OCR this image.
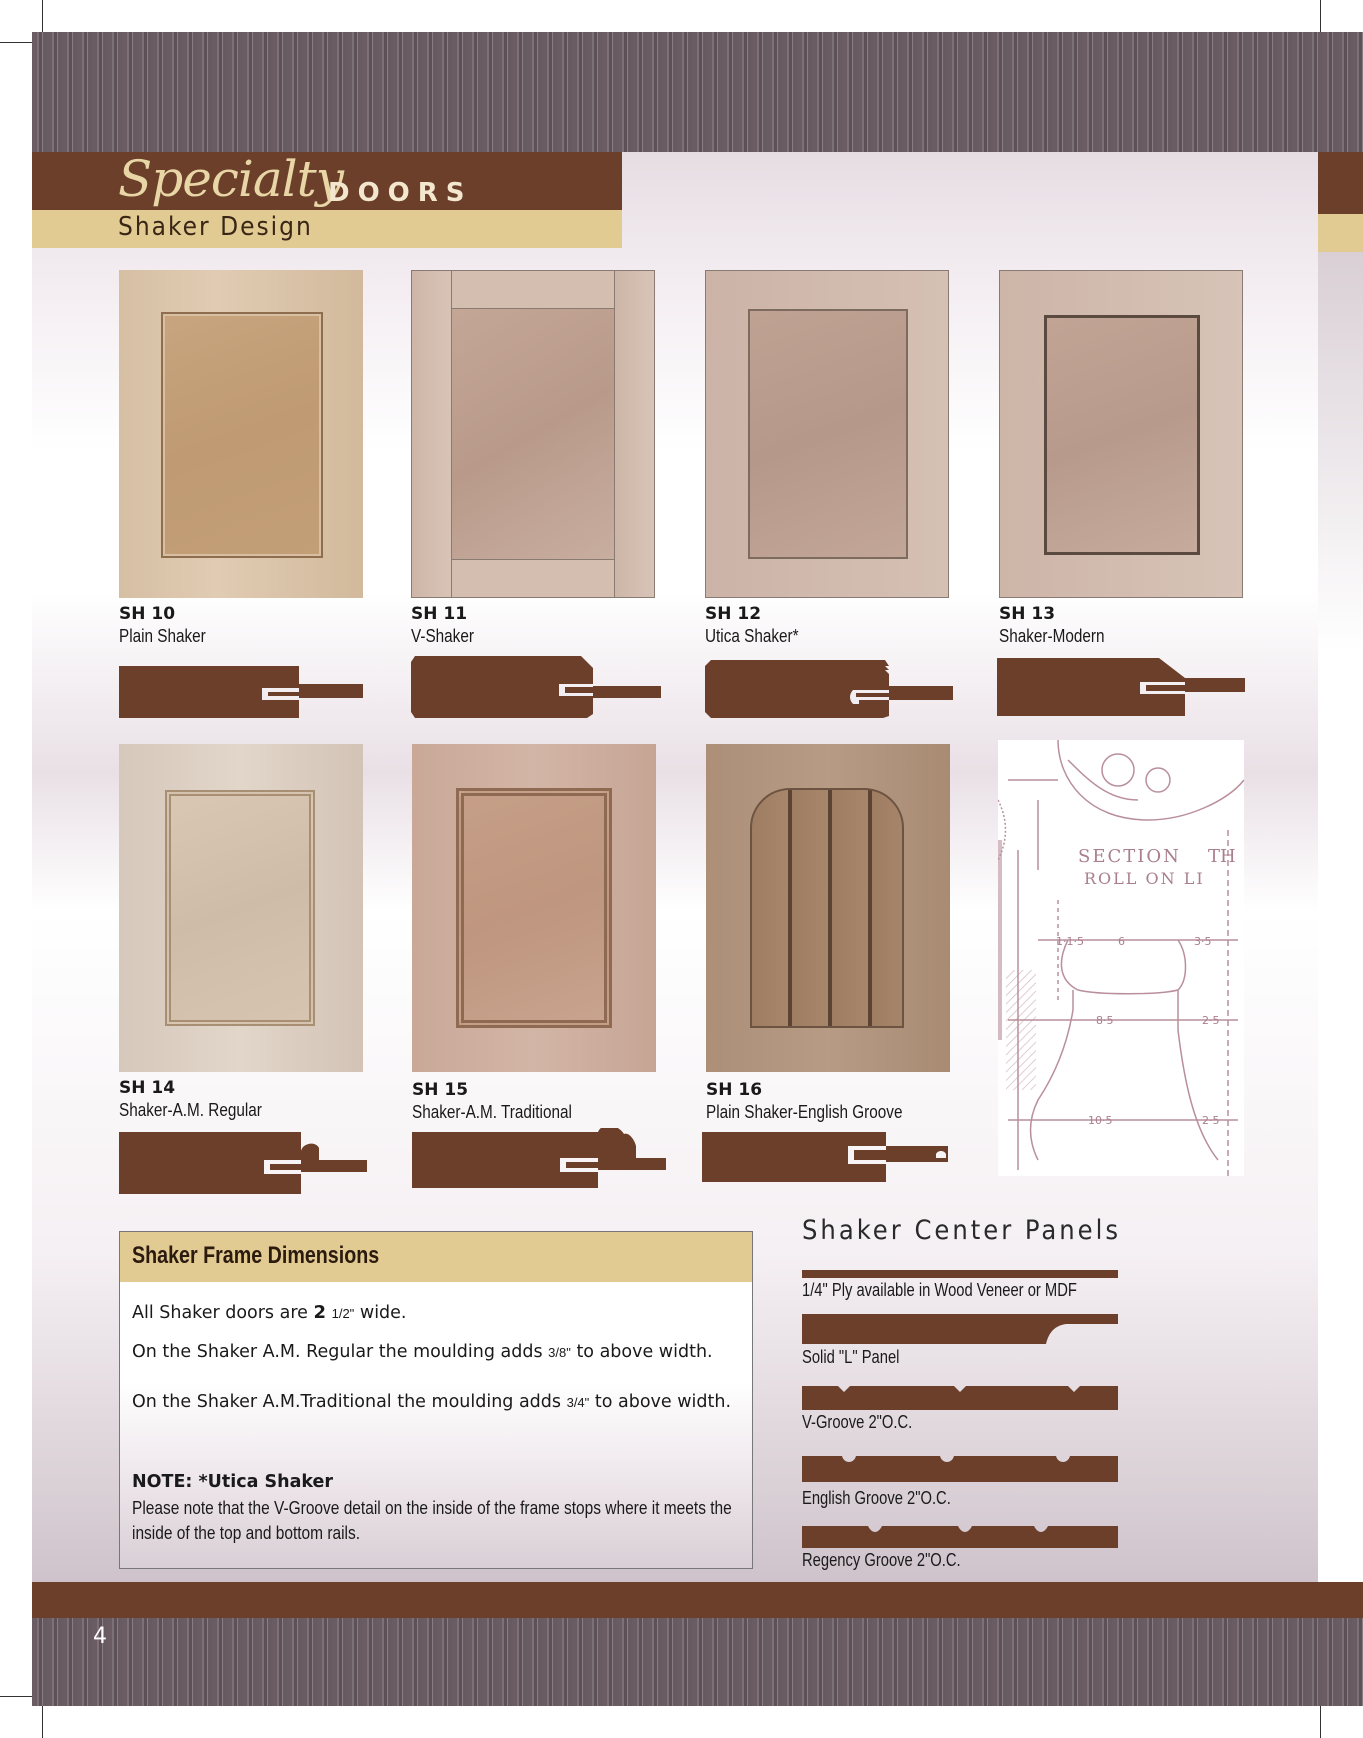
Specialty
DOORS
Shaker Design
SH 10
Plain Shaker
SH 11
V-Shaker
SH 12
Utica Shaker*
SH 13
Shaker-Modern
SH 14
Shaker-A.M. Regular
SH 15
Shaker-A.M. Traditional
SH 16
Plain Shaker-English Groove
SECTION TH
ROLL ON LI
1·1·5	6	3·5
8·5	2·5
10·5	2·5
Shaker Frame Dimensions
All Shaker doors are 2 1/2" wide.
On the Shaker A.M. Regular the moulding adds 3/8" to above width.
On the Shaker A.M.Traditional the moulding adds 3/4" to above width.
NOTE: *Utica Shaker
Please note that the V-Groove detail on the inside of the frame stops where it meets the inside of the top and bottom rails.
Shaker Center Panels
1/4" Ply available in Wood Veneer or MDF
Solid "L" Panel
V-Groove 2"O.C.
English Groove 2"O.C.
Regency Groove 2"O.C.
4
